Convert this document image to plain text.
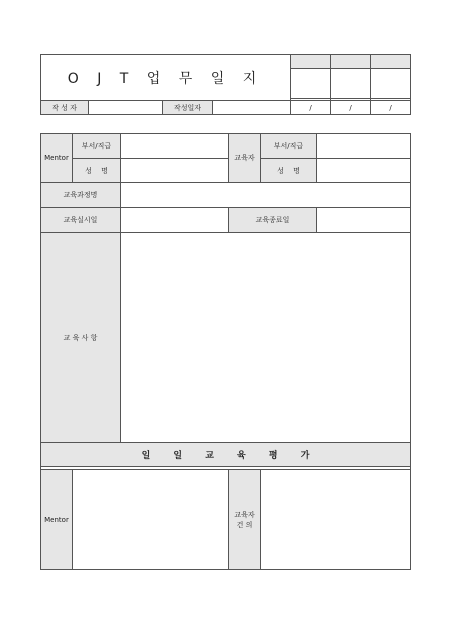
O J T 업 무 일 지						

작 성 자		작성일자		/	/	/
Mentor	부서/직급		교육자	부서/직급	
	성　 명			성　 명	
교육과정명					
교육실시일			교육종료일		
교 육 사 항					
일 일 교 육 평 가					

Mentor			교육자
건 의		
